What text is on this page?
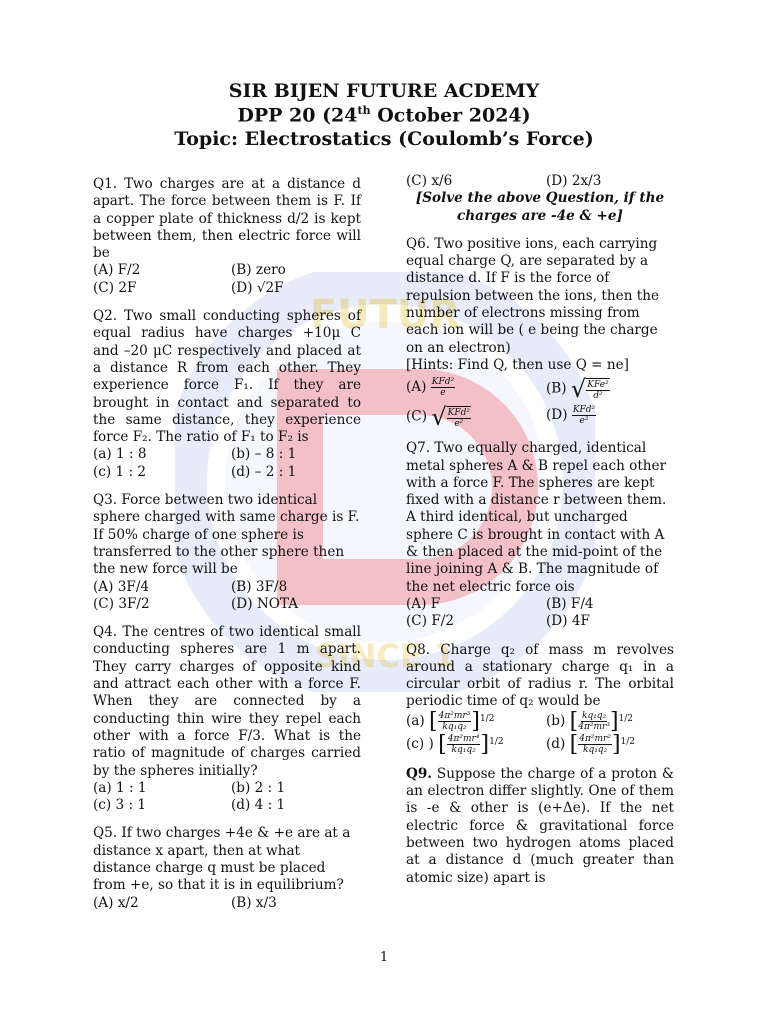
FUTUR
SINCE 1
SIR BIJEN FUTURE ACDEMY
DPP 20 (24th October 2024)
Topic: Electrostatics (Coulomb’s Force)

Q1. Two charges are at a distance d apart. The force between them is F. If a copper plate of thickness d/2 is kept between them, then electric force will be

(A) F/2	(B) zero
(C) 2F	(D) √2F

Q2. Two small conducting spheres of equal radius have charges +10μ C and –20 μC respectively and placed at a distance R from each other. They experience force F₁. If they are brought in contact and separated to the same distance, they experience force F₂. The ratio of F₁ to F₂ is

(a) 1 : 8	(b) – 8 : 1
(c) 1 : 2	(d) – 2 : 1

Q3. Force between two identical sphere charged with same charge is F. If 50% charge of one sphere is transferred to the other sphere then the new force will be

(A) 3F/4	(B) 3F/8
(C) 3F/2	(D) NOTA

Q4. The centres of two identical small conducting spheres are 1 m apart. They carry charges of opposite kind and attract each other with a force F. When they are connected by a conducting thin wire they repel each other with a force F/3. What is the ratio of magnitude of charges carried by the spheres initially?

(a) 1 : 1	(b) 2 : 1
(c) 3 : 1	(d) 4 : 1

Q5. If two charges +4e & +e are at a distance x apart, then at what distance charge q must be placed from +e, so that it is in equilibrium?

(A) x/2	(B) x/3
(C) x/6	(D) 2x/3
[Solve the above Question, if the charges are -4e & +e]

Q6. Two positive ions, each carrying equal charge Q, are separated by a distance d. If F is the force of repulsion between the ions, then the number of electrons missing from each ion will be ( e being the charge on an electron)

[Hints: Find Q, then use Q = ne]
$(A) \frac{\text{KFd²}}{e}$	(B) √ $\frac{\text{KFe²}}{\text{d²}}$
(C) √ $\frac{\text{KFd²}}{\text{e²}}$	$(D) \frac{\text{KFd²}}{\text{e²}}$

Q7. Two equally charged, identical metal spheres A & B repel each other with a force F. The spheres are kept fixed with a distance r between them. A third identical, but uncharged sphere C is brought in contact with A & then placed at the mid-point of the line joining A & B. The magnitude of the net electric force ois

(A) F	(B) F/4
(C) F/2	(D) 4F

Q8. Charge q₂ of mass m revolves around a stationary charge q₁ in a circular orbit of radius r. The orbital periodic time of q₂ would be

(a) [ $\frac{\text{4π²mr³}}{\text{kq₁q₂}} ]^{1/2}$	(b) [ $\frac{\text{kq₁q₂}}{\text{4π²mr³}} ]^{1/2}$
(c) ) [ $\frac{\text{4π²mr⁴}}{\text{kq₁q₂}} ]^{1/2}$	(d) [ $\frac{\text{4π²mr²}}{\text{kq₁q₂}} ]^{1/2}$

Q9. Suppose the charge of a proton & an electron differ slightly. One of them is -e & other is (e+Δe). If the net electric force & gravitational force between two hydrogen atoms placed at a distance d (much greater than atomic size) apart is

1
